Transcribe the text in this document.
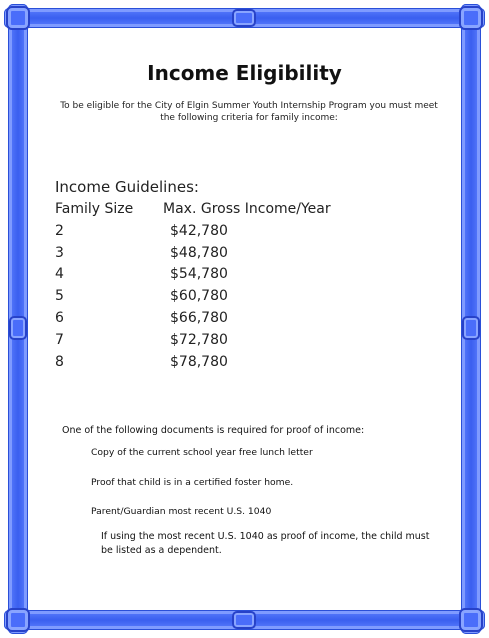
Income Eligibility
To be eligible for the City of Elgin Summer Youth Internship Program you must meet the following criteria for family income:
Income Guidelines:
Family Size	Max. Gross Income/Year
2	$42,780
3	$48,780
4	$54,780
5	$60,780
6	$66,780
7	$72,780
8	$78,780
One of the following documents is required for proof of income:
Copy of the current school year free lunch letter
Proof that child is in a certified foster home.
Parent/Guardian most recent U.S. 1040
If using the most recent U.S. 1040 as proof of income, the child must be listed as a dependent.
